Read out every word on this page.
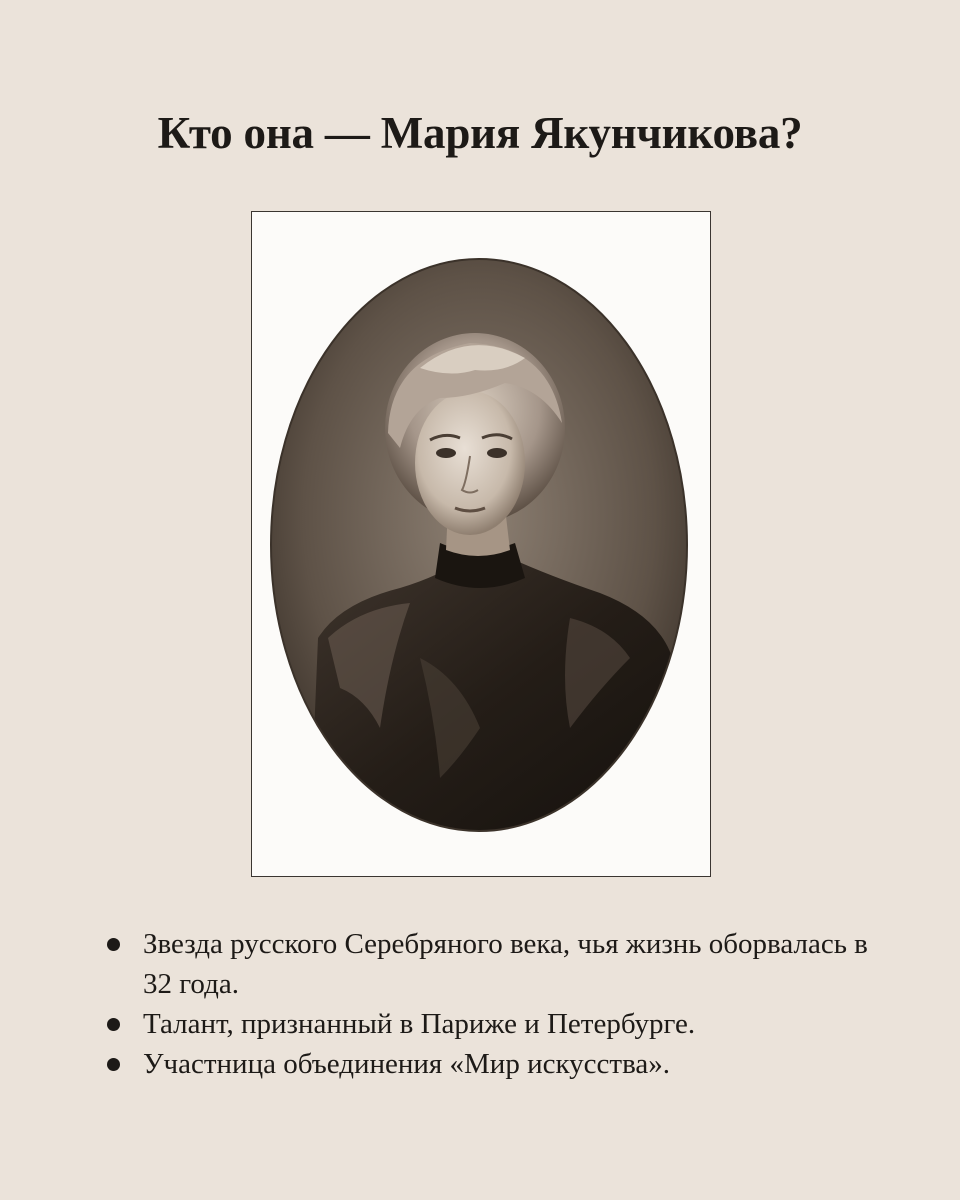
Кто она — Мария Якунчикова?
Звезда русского Серебряного века, чья жизнь оборвалась в 32 года.
Талант, признанный в Париже и Петербурге.
Участница объединения «Мир искусства».
